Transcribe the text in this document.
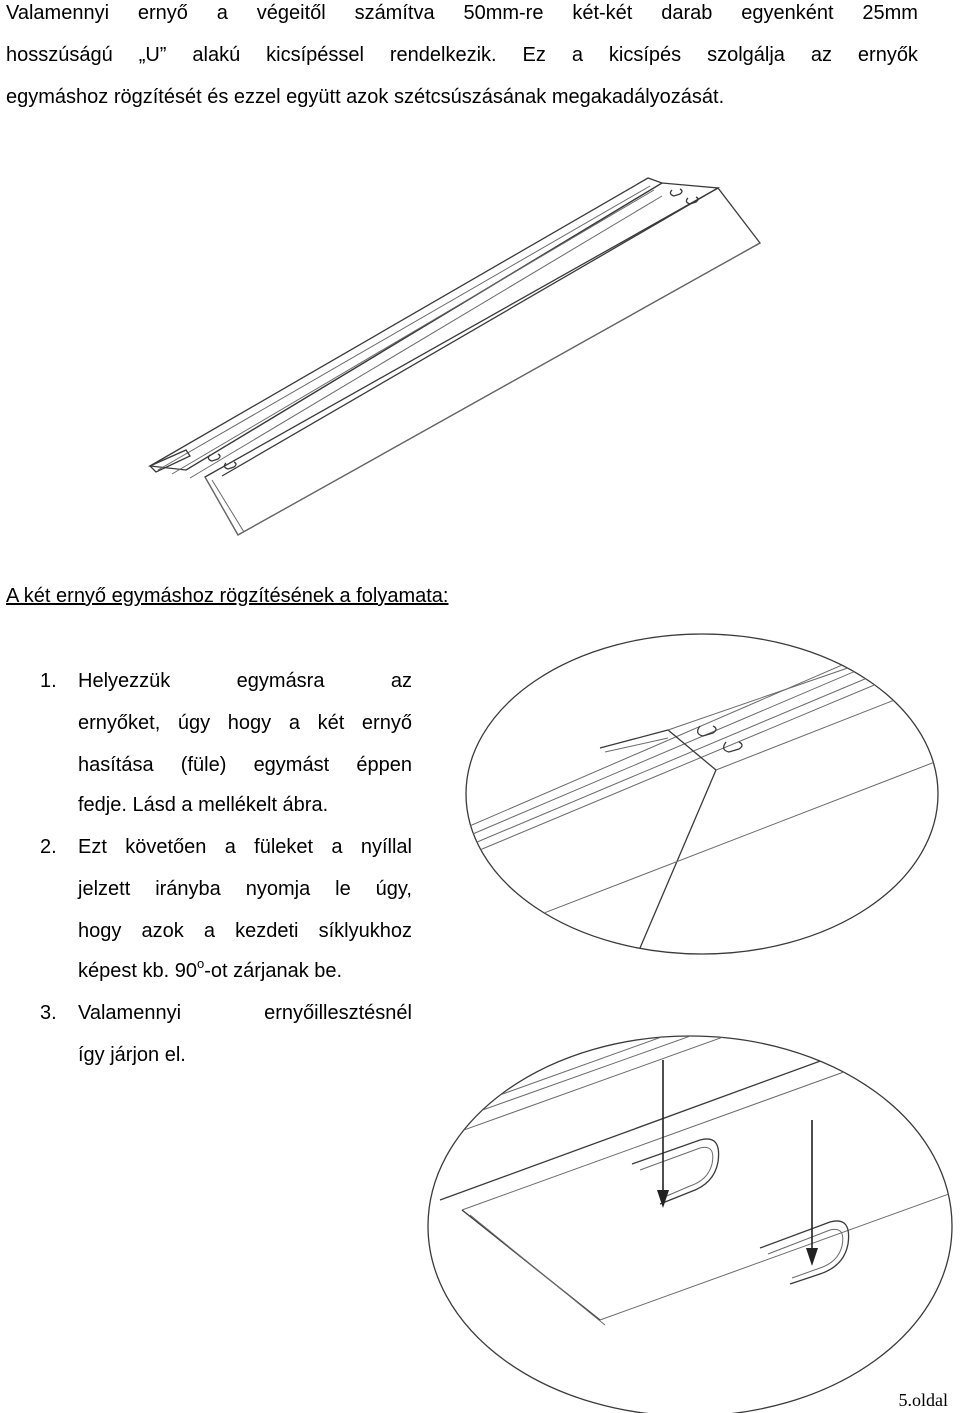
Valamennyi ernyő a végeitől számítva 50mm-re két-két darab egyenként 25mm
hosszúságú „U” alakú kicsípéssel rendelkezik. Ez a kicsípés szolgálja az ernyők
egymáshoz rögzítését és ezzel együtt azok szétcsúszásának megakadályozását.
A két ernyő egymáshoz rögzítésének a folyamata:
1. Helyezzük	egymásra	az
ernyőket, úgy hogy a két ernyő
hasítása (füle) egymást éppen
fedje. Lásd a mellékelt ábra.
2. Ezt követően a füleket a nyíllal
jelzett irányba nyomja le úgy,
hogy azok a kezdeti síklyukhoz
képest kb. 90$^o$-ot zárjanak be.
3. Valamennyi	ernyőillesztésnél
így járjon el.
5.oldal
